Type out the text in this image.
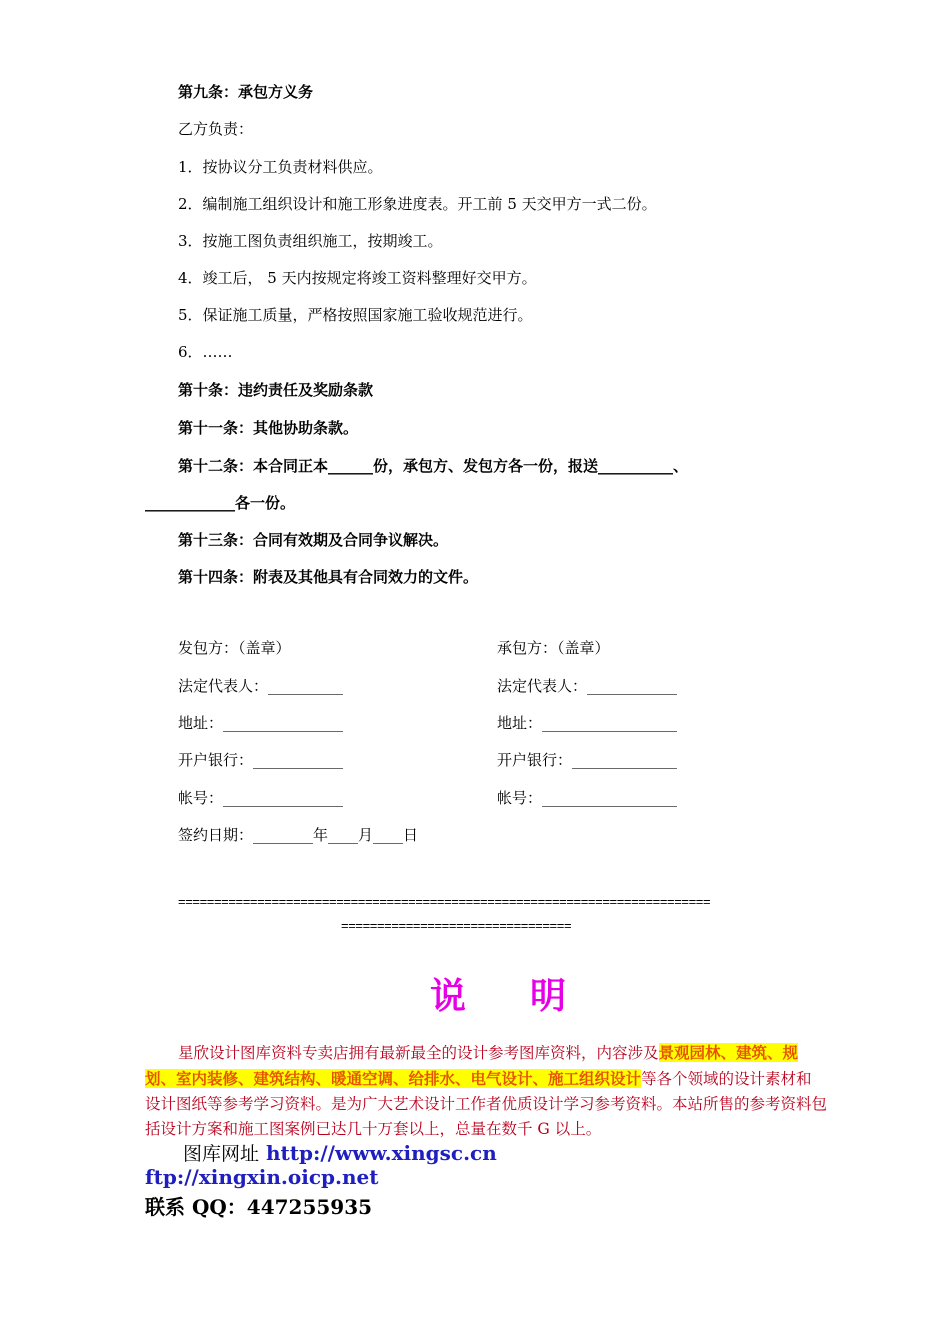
第九条：承包方义务
乙方负责：
1．按协议分工负责材料供应。
2．编制施工组织设计和施工形象进度表。开工前 5 天交甲方一式二份。
3．按施工图负责组织施工，按期竣工。
4．竣工后， 5 天内按规定将竣工资料整理好交甲方。
5．保证施工质量，严格按照国家施工验收规范进行。
6．……
第十条：违约责任及奖励条款
第十一条：其他协助条款。
第十二条：本合同正本______份，承包方、发包方各一份，报送__________、
____________各一份。
第十三条：合同有效期及合同争议解决。
第十四条：附表及其他具有合同效力的文件。
发包方：（盖章）
法定代表人：__________
地址：________________
开户银行：____________
帐号：________________
承包方：（盖章）
法定代表人：____________
地址：__________________
开户银行：______________
帐号：__________________
签约日期：________年____月____日
==========================================================================
================================
说 明
星欣设计图库资料专卖店拥有最新最全的设计参考图库资料，内容涉及景观园林、建筑、规划、室内装修、建筑结构、暖通空调、给排水、电气设计、施工组织设计等各个领域的设计素材和设计图纸等参考学习资料。是为广大艺术设计工作者优质设计学习参考资料。本站所售的参考资料包括设计方案和施工图案例已达几十万套以上，总量在数千 G 以上。
图库网址 http://www.xingsc.cn
ftp://xingxin.oicp.net
联系 QQ：447255935
